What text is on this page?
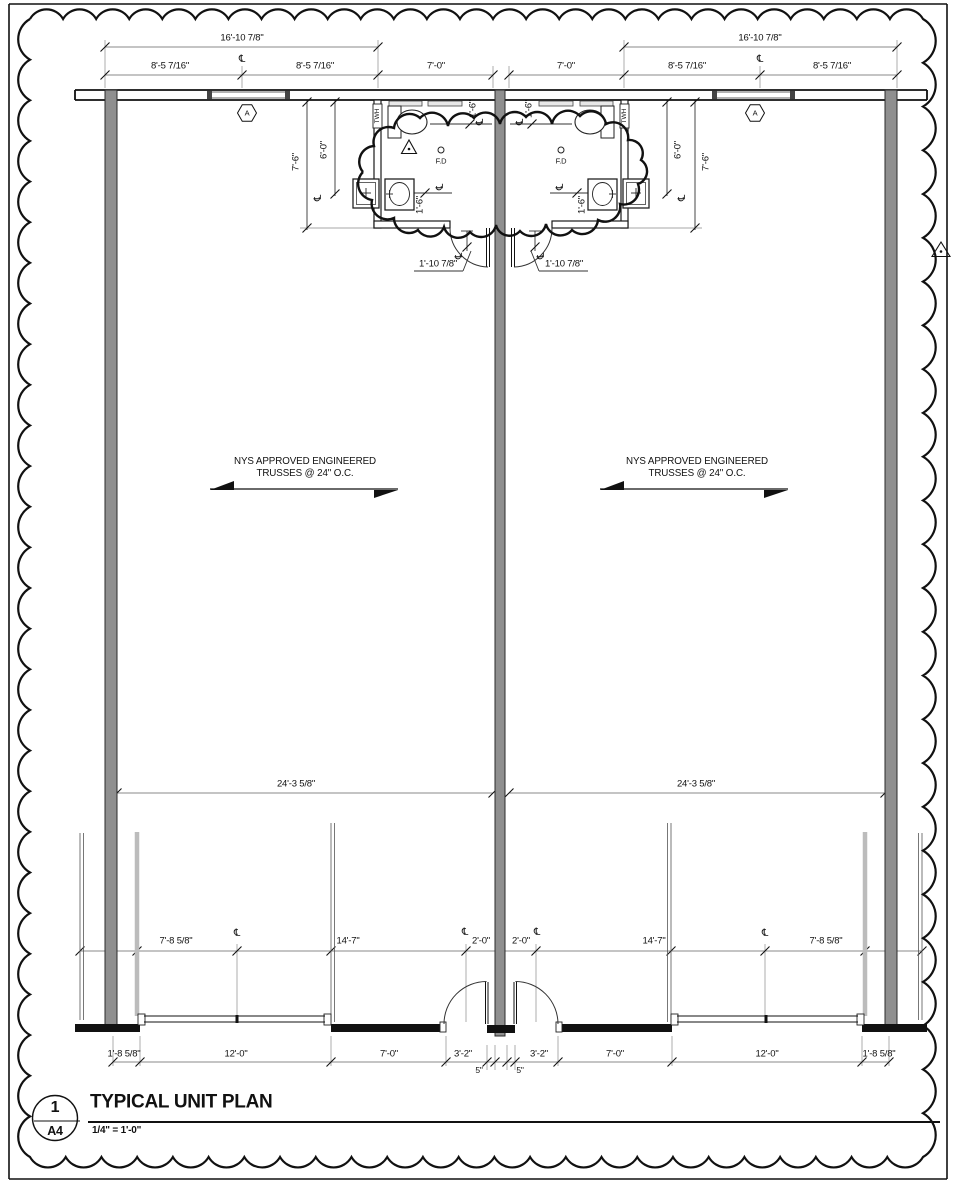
16'-10 7/8"	16'-10 7/8"
8'-5 7/16"
℄
8'-5 7/16"	7'-0"	7'-0"	8'-5 7/16"
℄
8'-5 7/16"
A	A
7'-6"
6'-0"
℄
TWH	1'-6"
℄
1'-6"
℄
F.D	7'-6"
6'-0"
℄
TWH
1'-6"
℄
1'-6"
℄
F.D
1'-10 7/8"
℄
1'-10 7/8"
℄
NYS APPROVED ENGINEERED
TRUSSES @ 24" O.C.
NYS APPROVED ENGINEERED
TRUSSES @ 24" O.C.
24'-3 5/8"	24'-3 5/8"
7'-8 5/8"
℄
14'-7"
℄
2'-0" 2'-0"
℄
14'-7"
℄
7'-8 5/8"
1'-8 5/8"	12'-0"	7'-0"	3'-2"
5"	5"
3'-2"	7'-0"	12'-0"	1'-8 5/8"
1
A4
TYPICAL UNIT PLAN
1/4" = 1'-0"
